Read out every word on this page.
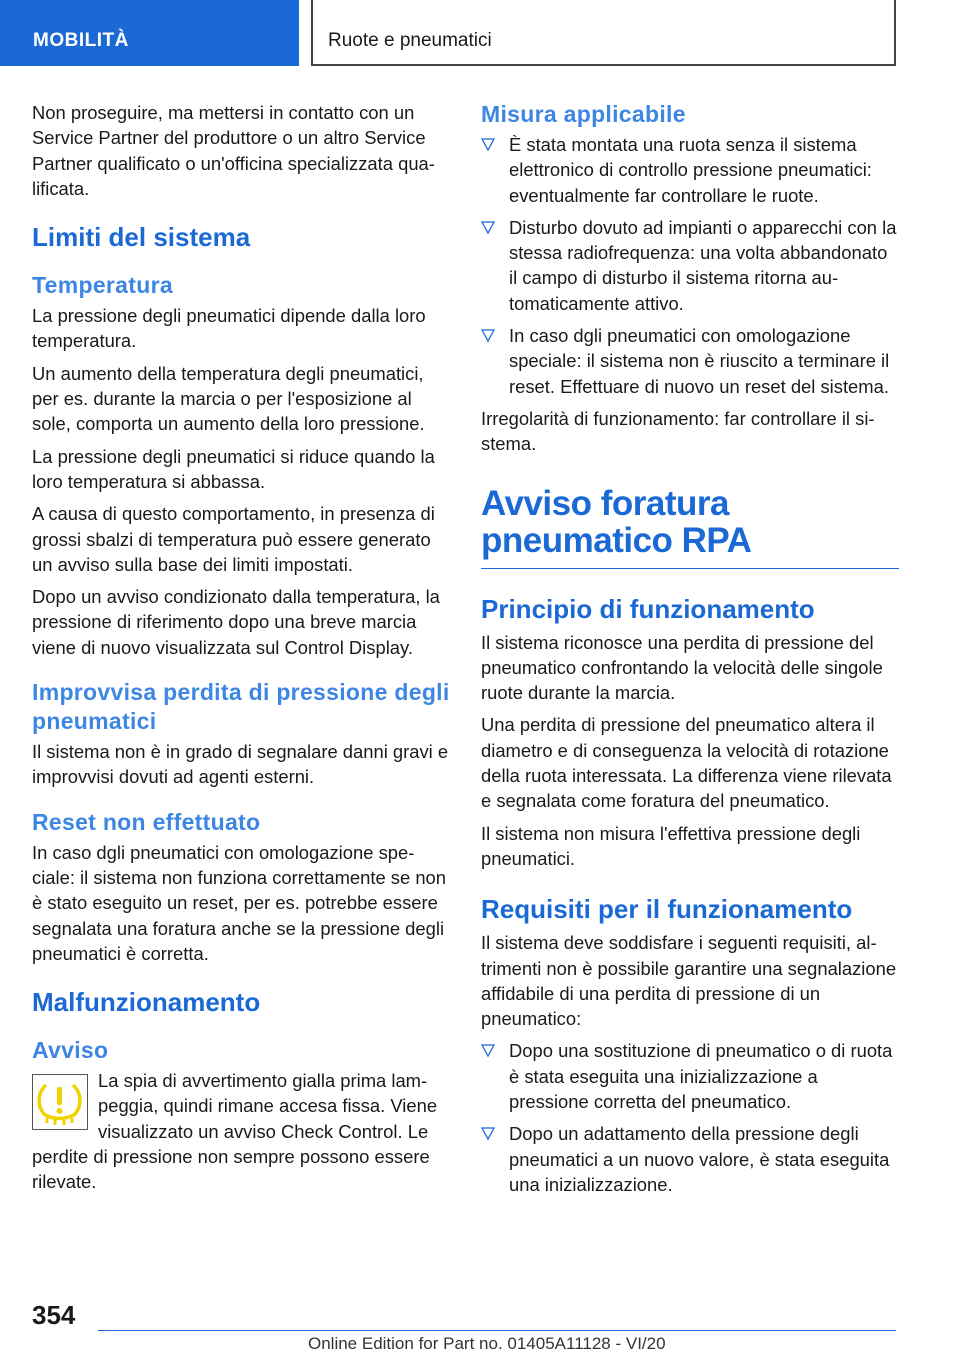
MOBILITÀ	Ruote e pneumatici

Non proseguire, ma mettersi in contatto con un Service Partner del produttore o un altro Service Partner qualificato o un'officina specializzata qualificata.

Limiti del sistema
Temperatura

La pressione degli pneumatici dipende dalla loro temperatura.

Un aumento della temperatura degli pneumatici, per es. durante la marcia o per l'esposizione al sole, comporta un aumento della loro pressione.

La pressione degli pneumatici si riduce quando la loro temperatura si abbassa.

A causa di questo comportamento, in presenza di grossi sbalzi di temperatura può essere generato un avviso sulla base dei limiti impostati.

Dopo un avviso condizionato dalla temperatura, la pressione di riferimento dopo una breve marcia viene di nuovo visualizzata sul Control Display.

Improvvisa perdita di pressione degli pneumatici

Il sistema non è in grado di segnalare danni gravi e improvvisi dovuti ad agenti esterni.

Reset non effettuato

In caso dgli pneumatici con omologazione speciale: il sistema non funziona correttamente se non è stato eseguito un reset, per es. potrebbe essere segnalata una foratura anche se la pressione degli pneumatici è corretta.

Malfunzionamento
Avviso

La spia di avvertimento gialla prima lampeggia, quindi rimane accesa fissa. Viene visualizzato un avviso Check Control. Le perdite di pressione non sempre possono essere rilevate.

Misura applicabile
È stata montata una ruota senza il sistema elettronico di controllo pressione pneumatici: eventualmente far controllare le ruote.
Disturbo dovuto ad impianti o apparecchi con la stessa radiofrequenza: una volta abbandonato il campo di disturbo il sistema ritorna automaticamente attivo.
In caso dgli pneumatici con omologazione speciale: il sistema non è riuscito a terminare il reset. Effettuare di nuovo un reset del sistema.

Irregolarità di funzionamento: far controllare il sistema.

Avviso foratura pneumatico RPA
Principio di funzionamento

Il sistema riconosce una perdita di pressione del pneumatico confrontando la velocità delle singole ruote durante la marcia.

Una perdita di pressione del pneumatico altera il diametro e di conseguenza la velocità di rotazione della ruota interessata. La differenza viene rilevata e segnalata come foratura del pneumatico.

Il sistema non misura l'effettiva pressione degli pneumatici.

Requisiti per il funzionamento

Il sistema deve soddisfare i seguenti requisiti, altrimenti non è possibile garantire una segnalazione affidabile di una perdita di pressione di un pneumatico:

Dopo una sostituzione di pneumatico o di ruota è stata eseguita una inizializzazione a pressione corretta del pneumatico.
Dopo un adattamento della pressione degli pneumatici a un nuovo valore, è stata eseguita una inizializzazione.
354
Online Edition for Part no. 01405A11128 - VI/20
